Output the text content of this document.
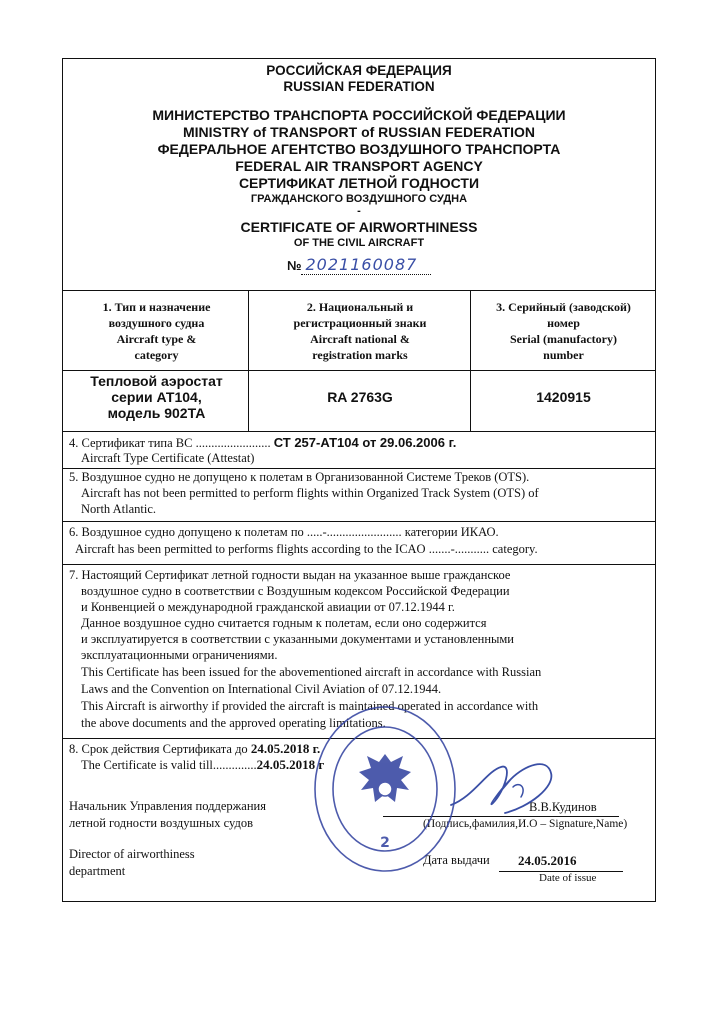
РОССИЙСКАЯ ФЕДЕРАЦИЯ
RUSSIAN FEDERATION
МИНИСТЕРСТВО ТРАНСПОРТА РОССИЙСКОЙ ФЕДЕРАЦИИ
MINISTRY of TRANSPORT of RUSSIAN FEDERATION
ФЕДЕРАЛЬНОЕ АГЕНТСТВО ВОЗДУШНОГО ТРАНСПОРТА
FEDERAL AIR TRANSPORT AGENCY
СЕРТИФИКАТ ЛЕТНОЙ ГОДНОСТИ
ГРАЖДАНСКОГО ВОЗДУШНОГО СУДНА
-
CERTIFICATE OF AIRWORTHINESS
OF THE CIVIL AIRCRAFT
№ 2021160087
1. Тип и назначение
воздушного судна
Aircraft type &
category
2. Национальный и
регистрационный знаки
Aircraft national &
registration marks
3. Серийный (заводской)
номер
Serial (manufactory)
number
Тепловой аэростат
серии АТ104,
модель 902ТА
RA 2763G	1420915
4. Сертификат типа ВС ........................ СТ 257-АТ104 от 29.06.2006 г.
Aircraft Type Certificate (Attestat)
5. Воздушное судно не допущено к полетам в Организованной Системе Треков (OTS).
Aircraft has not been permitted to perform flights within Organized Track System (OTS) of
North Atlantic.
6. Воздушное судно допущено к полетам по .....-........................ категории ИКАО.
Aircraft has been permitted to performs flights according to the ICAO .......-........... category.
7. Настоящий Сертификат летной годности выдан на указанное выше гражданское
воздушное судно в соответствии с Воздушным кодексом Российской Федерации
и Конвенцией о международной гражданской авиации от 07.12.1944 г.
Данное воздушное судно считается годным к полетам, если оно содержится
и эксплуатируется в соответствии с указанными документами и установленными
эксплуатационными ограничениями.
This Certificate has been issued for the abovementioned aircraft in accordance with Russian
Laws and the Convention on International Civil Aviation of 07.12.1944.
This Aircraft is airworthy if provided the aircraft is maintained operated in accordance with
the above documents and the approved operating limitations.
8. Срок действия Сертификата до 24.05.2018 г.
The Certificate is valid till..............24.05.2018 г
Начальник Управления поддержания
летной годности воздушных судов
Director of airworthiness
department
В.В.Кудинов
(Подпись,фамилия,И.О – Signature,Name)
Дата выдачи 24.05.2016
Date of issue
2
